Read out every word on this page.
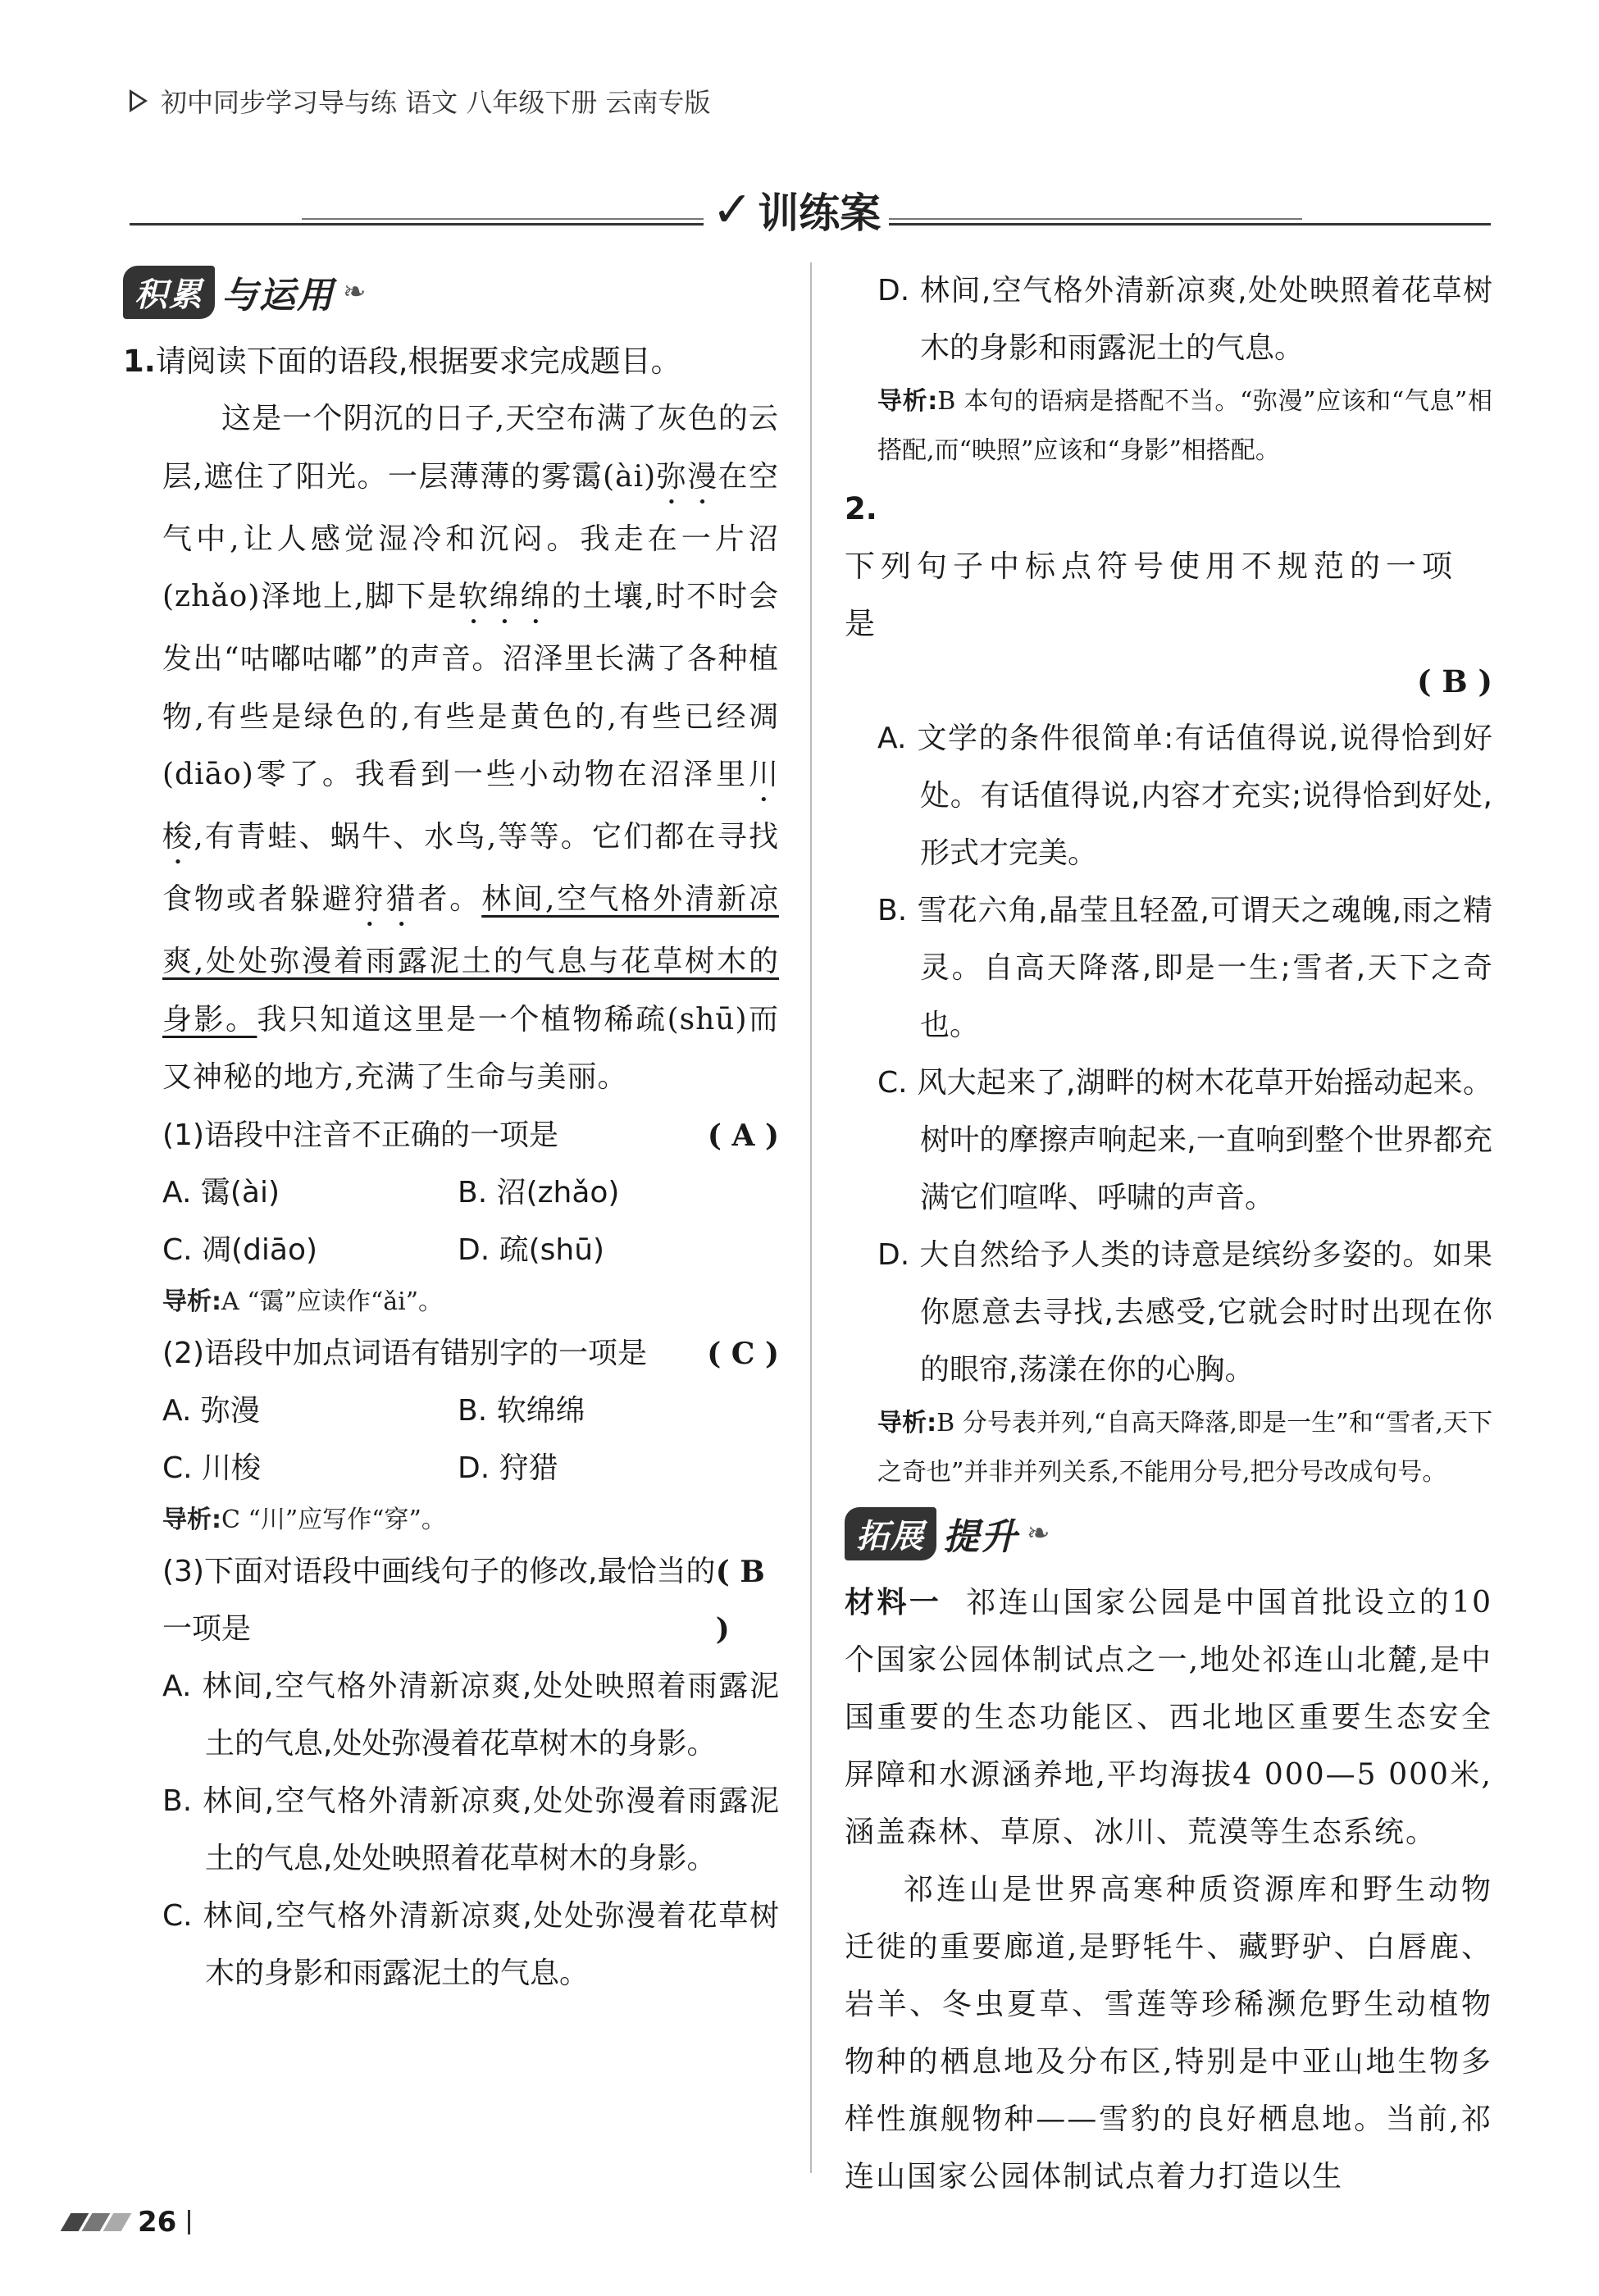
初中同步学习导与练 语文 八年级下册 云南专版
✓ 训练案
积累 与运用 ❧
1.请阅读下面的语段,根据要求完成题目。
这是一个阴沉的日子,天空布满了灰色的云层,遮住了阳光。一层薄薄的雾霭(ài)弥漫在空气中,让人感觉湿冷和沉闷。我走在一片沼(zhǎo)泽地上,脚下是软绵绵的土壤,时不时会发出“咕嘟咕嘟”的声音。沼泽里长满了各种植物,有些是绿色的,有些是黄色的,有些已经凋(diāo)零了。我看到一些小动物在沼泽里川梭,有青蛙、蜗牛、水鸟,等等。它们都在寻找食物或者躲避狩猎者。林间,空气格外清新凉爽,处处弥漫着雨露泥土的气息与花草树木的身影。我只知道这里是一个植物稀疏(shū)而又神秘的地方,充满了生命与美丽。
(1)语段中注音不正确的一项是	( A )
A. 霭(ài)	B. 沼(zhǎo)
C. 凋(diāo)	D. 疏(shū)
导析:A “霭”应读作“ǎi”。
(2)语段中加点词语有错别字的一项是 ( C )
A. 弥漫	B. 软绵绵
C. 川梭	D. 狩猎
导析:C “川”应写作“穿”。
(3)下面对语段中画线句子的修改,最恰当的一项是
( B )
A. 林间,空气格外清新凉爽,处处映照着雨露泥土的气息,处处弥漫着花草树木的身影。
B. 林间,空气格外清新凉爽,处处弥漫着雨露泥土的气息,处处映照着花草树木的身影。
C. 林间,空气格外清新凉爽,处处弥漫着花草树木的身影和雨露泥土的气息。
D. 林间,空气格外清新凉爽,处处映照着花草树木的身影和雨露泥土的气息。
导析:B 本句的语病是搭配不当。“弥漫”应该和“气息”相搭配,而“映照”应该和“身影”相搭配。
2.
下列句子中标点符号使用不规范的一项是
( B )
A. 文学的条件很简单:有话值得说,说得恰到好处。有话值得说,内容才充实;说得恰到好处,形式才完美。
B. 雪花六角,晶莹且轻盈,可谓天之魂魄,雨之精灵。自高天降落,即是一生;雪者,天下之奇也。
C. 风大起来了,湖畔的树木花草开始摇动起来。树叶的摩擦声响起来,一直响到整个世界都充满它们喧哗、呼啸的声音。
D. 大自然给予人类的诗意是缤纷多姿的。如果你愿意去寻找,去感受,它就会时时出现在你的眼帘,荡漾在你的心胸。
导析:B 分号表并列,“自高天降落,即是一生”和“雪者,天下之奇也”并非并列关系,不能用分号,把分号改成句号。
拓展 提升 ❧
材料一 祁连山国家公园是中国首批设立的10个国家公园体制试点之一,地处祁连山北麓,是中国重要的生态功能区、西北地区重要生态安全屏障和水源涵养地,平均海拔4 000—5 000米,涵盖森林、草原、冰川、荒漠等生态系统。
祁连山是世界高寒种质资源库和野生动物迁徙的重要廊道,是野牦牛、藏野驴、白唇鹿、岩羊、冬虫夏草、雪莲等珍稀濒危野生动植物物种的栖息地及分布区,特别是中亚山地生物多样性旗舰物种——雪豹的良好栖息地。当前,祁连山国家公园体制试点着力打造以生
26
